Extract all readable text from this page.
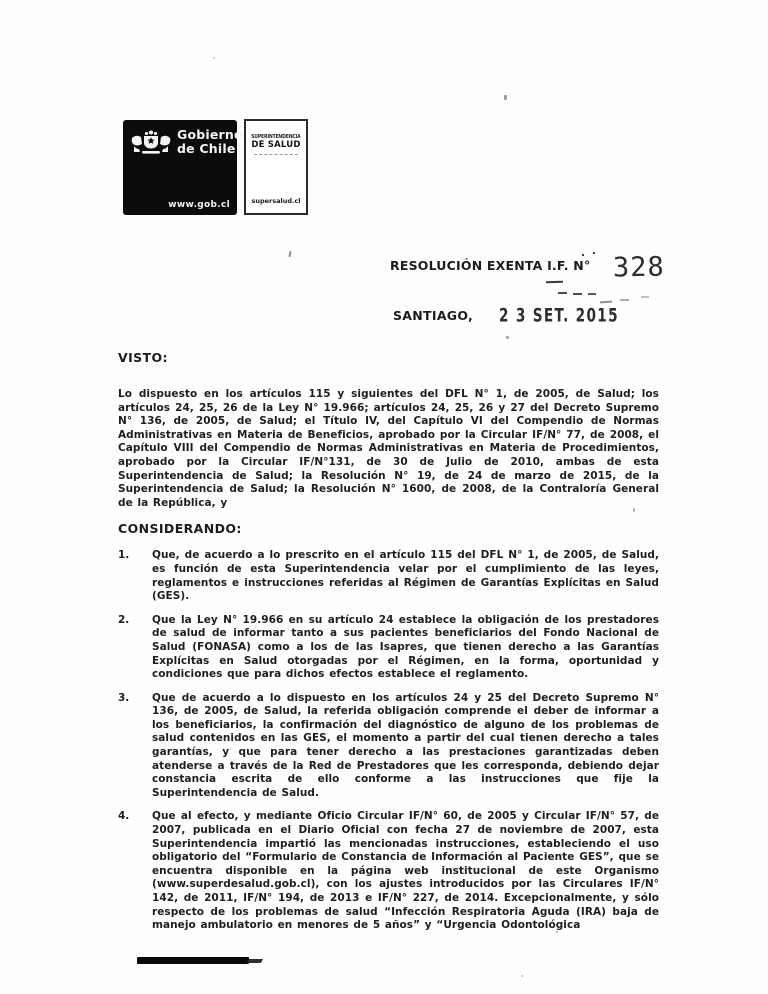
Gobierno
de Chile
www.gob.cl
SUPERINTENDENCIA
DE SALUD
supersalud.cl
RESOLUCIÓN EXENTA I.F. N° 328
SANTIAGO, 2 3 SET. 2015
VISTO:

Lo dispuesto en los artículos 115 y siguientes del DFL N° 1, de 2005, de Salud; los artículos 24, 25, 26 de la Ley N° 19.966; artículos 24, 25, 26 y 27 del Decreto Supremo N° 136, de 2005, de Salud; el Título IV, del Capítulo VI del Compendio de Normas Administrativas en Materia de Beneficios, aprobado por la Circular IF/N° 77, de 2008, el Capítulo VIII del Compendio de Normas Administrativas en Materia de Procedimientos, aprobado por la Circular IF/N°131, de 30 de Julio de 2010, ambas de esta Superintendencia de Salud; la Resolución N° 19, de 24 de marzo de 2015, de la Superintendencia de Salud; la Resolución N° 1600, de 2008, de la Contraloría General de la República, y

CONSIDERANDO:
1.	Que, de acuerdo a lo prescrito en el artículo 115 del DFL N° 1, de 2005, de Salud, es función de esta Superintendencia velar por el cumplimiento de las leyes, reglamentos e instrucciones referidas al Régimen de Garantías Explícitas en Salud (GES).
2.	Que la Ley N° 19.966 en su artículo 24 establece la obligación de los prestadores de salud de informar tanto a sus pacientes beneficiarios del Fondo Nacional de Salud (FONASA) como a los de las Isapres, que tienen derecho a las Garantías Explícitas en Salud otorgadas por el Régimen, en la forma, oportunidad y condiciones que para dichos efectos establece el reglamento.
3.	Que de acuerdo a lo dispuesto en los artículos 24 y 25 del Decreto Supremo N° 136, de 2005, de Salud, la referida obligación comprende el deber de informar a los beneficiarios, la confirmación del diagnóstico de alguno de los problemas de salud contenidos en las GES, el momento a partir del cual tienen derecho a tales garantías, y que para tener derecho a las prestaciones garantizadas deben atenderse a través de la Red de Prestadores que les corresponda, debiendo dejar constancia escrita de ello conforme a las instrucciones que fije la Superintendencia de Salud.
4.	Que al efecto, y mediante Oficio Circular IF/N° 60, de 2005 y Circular IF/N° 57, de 2007, publicada en el Diario Oficial con fecha 27 de noviembre de 2007, esta Superintendencia impartió las mencionadas instrucciones, estableciendo el uso obligatorio del “Formulario de Constancia de Información al Paciente GES”, que se encuentra disponible en la página web institucional de este Organismo (www.superdesalud.gob.cl), con los ajustes introducidos por las Circulares IF/N° 142, de 2011, IF/N° 194, de 2013 e IF/N° 227, de 2014. Excepcionalmente, y sólo respecto de los problemas de salud “Infección Respiratoria Aguda (IRA) baja de manejo ambulatorio en menores de 5 años” y “Urgencia Odontológica
